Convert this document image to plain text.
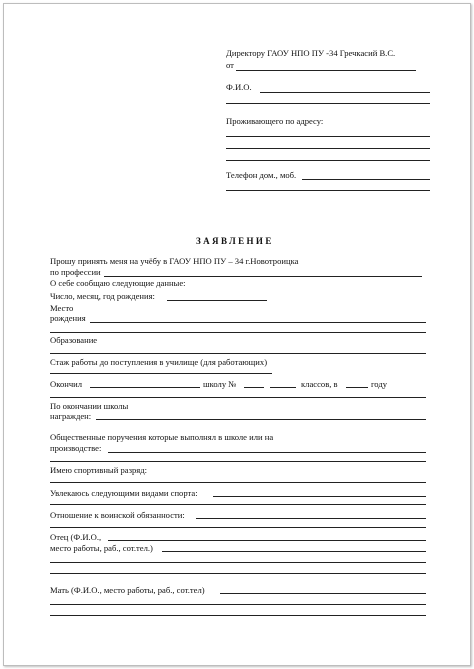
Директору ГАОУ НПО ПУ -34 Гречкасий В.С.
от
Ф.И.О.
Проживающего по адресу:
Телефон дом., моб.
ЗАЯВЛЕНИЕ
Прошу принять меня на учёбу в ГАОУ НПО ПУ – 34 г.Новотроицка
по профессии
О себе сообщаю следующие данные:
Число, месяц, год рождения:
Место
рождения
Образование
Стаж работы до поступления в училище (для работающих)
Окончил	школу №	классов, в	году
По окончании школы
награжден:
Общественные поручения которые выполнял в школе или на
производстве:
Имею спортивный разряд:
Увлекаюсь следующими видами спорта:
Отношение к воинской обязанности:
Отец (Ф.И.О.,
место работы, раб., сот.тел.)
Мать (Ф.И.О., место работы, раб., сот.тел)
